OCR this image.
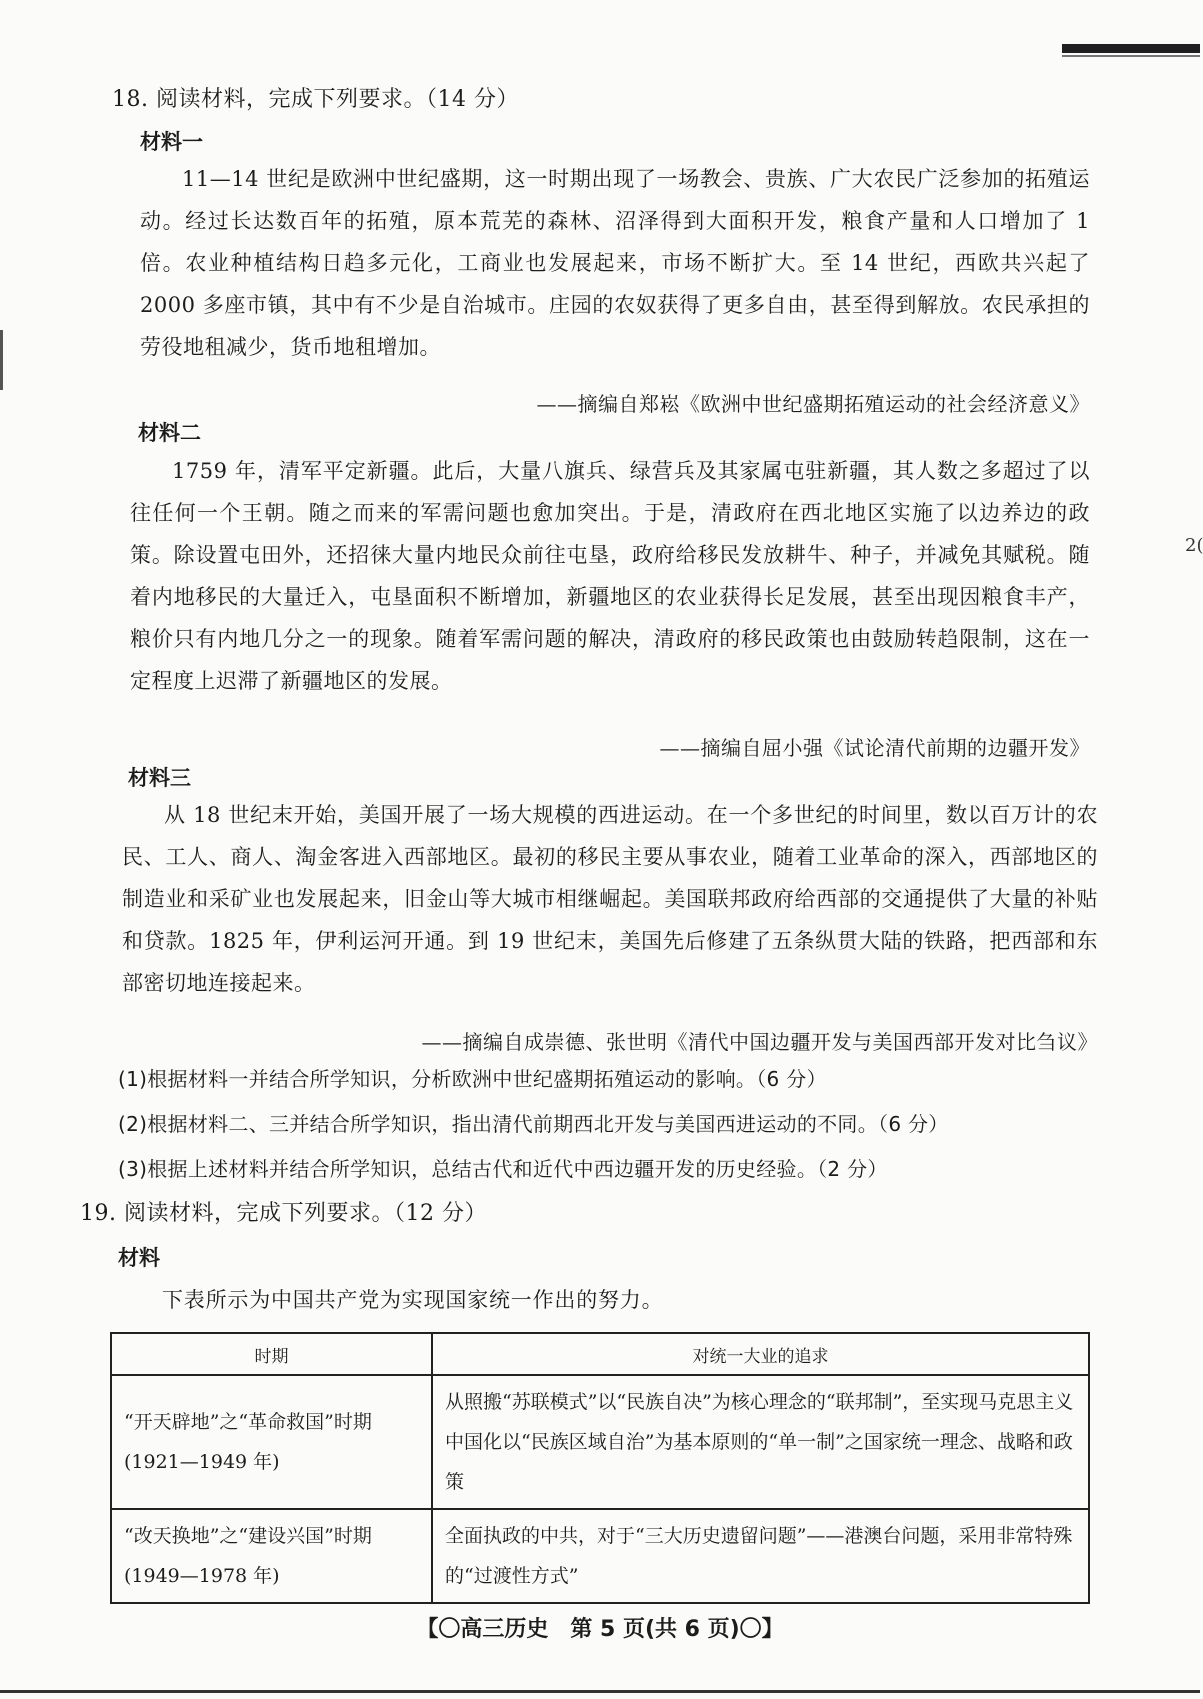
2(
18. 阅读材料，完成下列要求。（14 分）
材料一
11—14 世纪是欧洲中世纪盛期，这一时期出现了一场教会、贵族、广大农民广泛参加的拓殖运动。经过长达数百年的拓殖，原本荒芜的森林、沼泽得到大面积开发，粮食产量和人口增加了 1 倍。农业种植结构日趋多元化，工商业也发展起来，市场不断扩大。至 14 世纪，西欧共兴起了 2000 多座市镇，其中有不少是自治城市。庄园的农奴获得了更多自由，甚至得到解放。农民承担的劳役地租减少，货币地租增加。
——摘编自郑崧《欧洲中世纪盛期拓殖运动的社会经济意义》
材料二
1759 年，清军平定新疆。此后，大量八旗兵、绿营兵及其家属屯驻新疆，其人数之多超过了以往任何一个王朝。随之而来的军需问题也愈加突出。于是，清政府在西北地区实施了以边养边的政策。除设置屯田外，还招徕大量内地民众前往屯垦，政府给移民发放耕牛、种子，并减免其赋税。随着内地移民的大量迁入，屯垦面积不断增加，新疆地区的农业获得长足发展，甚至出现因粮食丰产，粮价只有内地几分之一的现象。随着军需问题的解决，清政府的移民政策也由鼓励转趋限制，这在一定程度上迟滞了新疆地区的发展。
——摘编自屈小强《试论清代前期的边疆开发》
材料三
从 18 世纪末开始，美国开展了一场大规模的西进运动。在一个多世纪的时间里，数以百万计的农民、工人、商人、淘金客进入西部地区。最初的移民主要从事农业，随着工业革命的深入，西部地区的制造业和采矿业也发展起来，旧金山等大城市相继崛起。美国联邦政府给西部的交通提供了大量的补贴和贷款。1825 年，伊利运河开通。到 19 世纪末，美国先后修建了五条纵贯大陆的铁路，把西部和东部密切地连接起来。
——摘编自成崇德、张世明《清代中国边疆开发与美国西部开发对比刍议》
(1)根据材料一并结合所学知识，分析欧洲中世纪盛期拓殖运动的影响。（6 分）
(2)根据材料二、三并结合所学知识，指出清代前期西北开发与美国西进运动的不同。（6 分）
(3)根据上述材料并结合所学知识，总结古代和近代中西边疆开发的历史经验。（2 分）
19. 阅读材料，完成下列要求。（12 分）
材料
下表所示为中国共产党为实现国家统一作出的努力。
时期	对统一大业的追求
“开天辟地”之“革命救国”时期(1921—1949 年)	从照搬“苏联模式”以“民族自决”为核心理念的“联邦制”，至实现马克思主义中国化以“民族区域自治”为基本原则的“单一制”之国家统一理念、战略和政策
“改天换地”之“建设兴国”时期(1949—1978 年)	全面执政的中共，对于“三大历史遗留问题”——港澳台问题，采用非常特殊的“过渡性方式”
【〇高三历史　第 5 页(共 6 页)〇】
